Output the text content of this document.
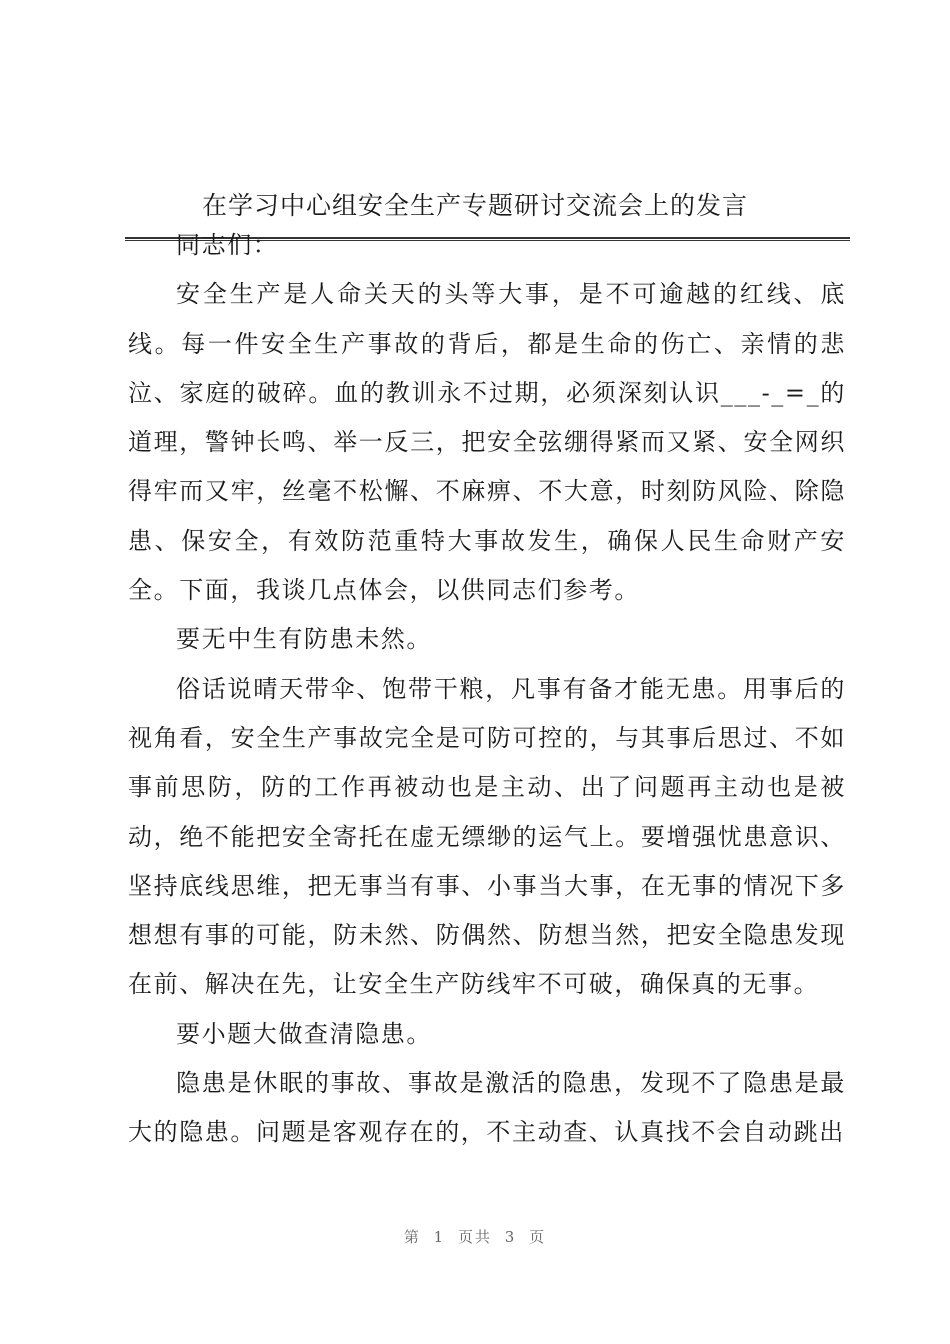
在学习中心组安全生产专题研讨交流会上的发言

同志们：

安全生产是人命关天的头等大事，是不可逾越的红线、底线。每一件安全生产事故的背后，都是生命的伤亡、亲情的悲泣、家庭的破碎。血的教训永不过期，必须深刻认识___-_=_的道理，警钟长鸣、举一反三，把安全弦绷得紧而又紧、安全网织得牢而又牢，丝毫不松懈、不麻痹、不大意，时刻防风险、除隐患、保安全，有效防范重特大事故发生，确保人民生命财产安全。下面，我谈几点体会，以供同志们参考。

要无中生有防患未然。

俗话说晴天带伞、饱带干粮，凡事有备才能无患。用事后的视角看，安全生产事故完全是可防可控的，与其事后思过、不如事前思防，防的工作再被动也是主动、出了问题再主动也是被动，绝不能把安全寄托在虚无缥缈的运气上。要增强忧患意识、坚持底线思维，把无事当有事、小事当大事，在无事的情况下多想想有事的可能，防未然、防偶然、防想当然，把安全隐患发现在前、解决在先，让安全生产防线牢不可破，确保真的无事。

要小题大做查清隐患。

隐患是休眠的事故、事故是激活的隐患，发现不了隐患是最大的隐患。问题是客观存在的，不主动查、认真找不会自动跳出

第 1 页共 3 页
